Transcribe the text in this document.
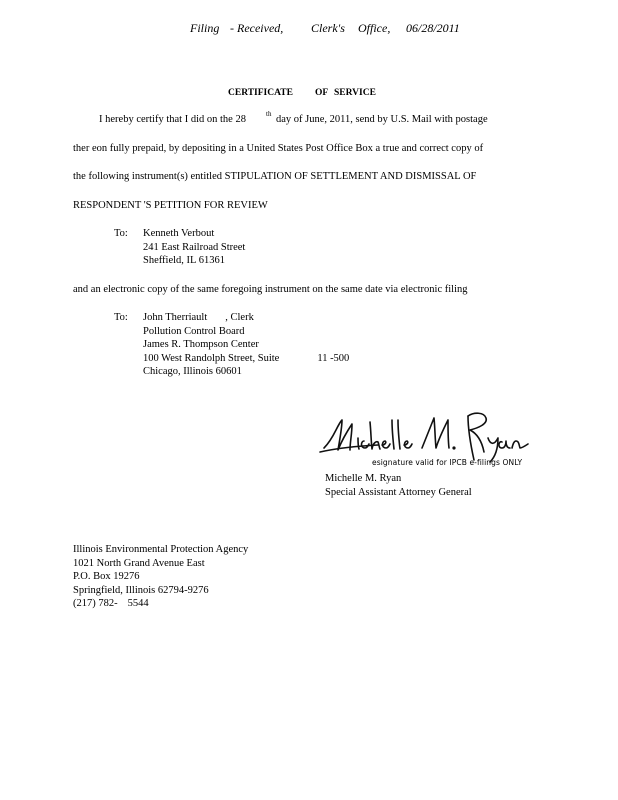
Filing - Received, Clerk's Office, 06/28/2011
CERTIFICATE OF SERVICE
I hereby certify that I did on the 28	th day of June, 2011, send by U.S. Mail with postage
ther eon fully prepaid, by depositing in a United States Post Office Box a true and correct copy of
the following instrument(s) entitled STIPULATION OF SETTLEMENT AND DISMISSAL OF
RESPONDENT 'S PETITION FOR REVIEW
To: Kenneth Verbout
241 East Railroad Street
Sheffield, IL 61361
and an electronic copy of the same foregoing instrument on the same date via electronic filing
To: John Therriault , Clerk
Pollution Control Board
James R. Thompson Center
100 West Randolph Street, Suite	11 -500
Chicago, Illinois 60601
esignature valid for IPCB e-filings ONLY
Michelle M. Ryan
Special Assistant Attorney General
Illinois Environmental Protection Agency
1021 North Grand Avenue East
P.O. Box 19276
Springfield, Illinois 62794-9276
(217) 782- 5544
